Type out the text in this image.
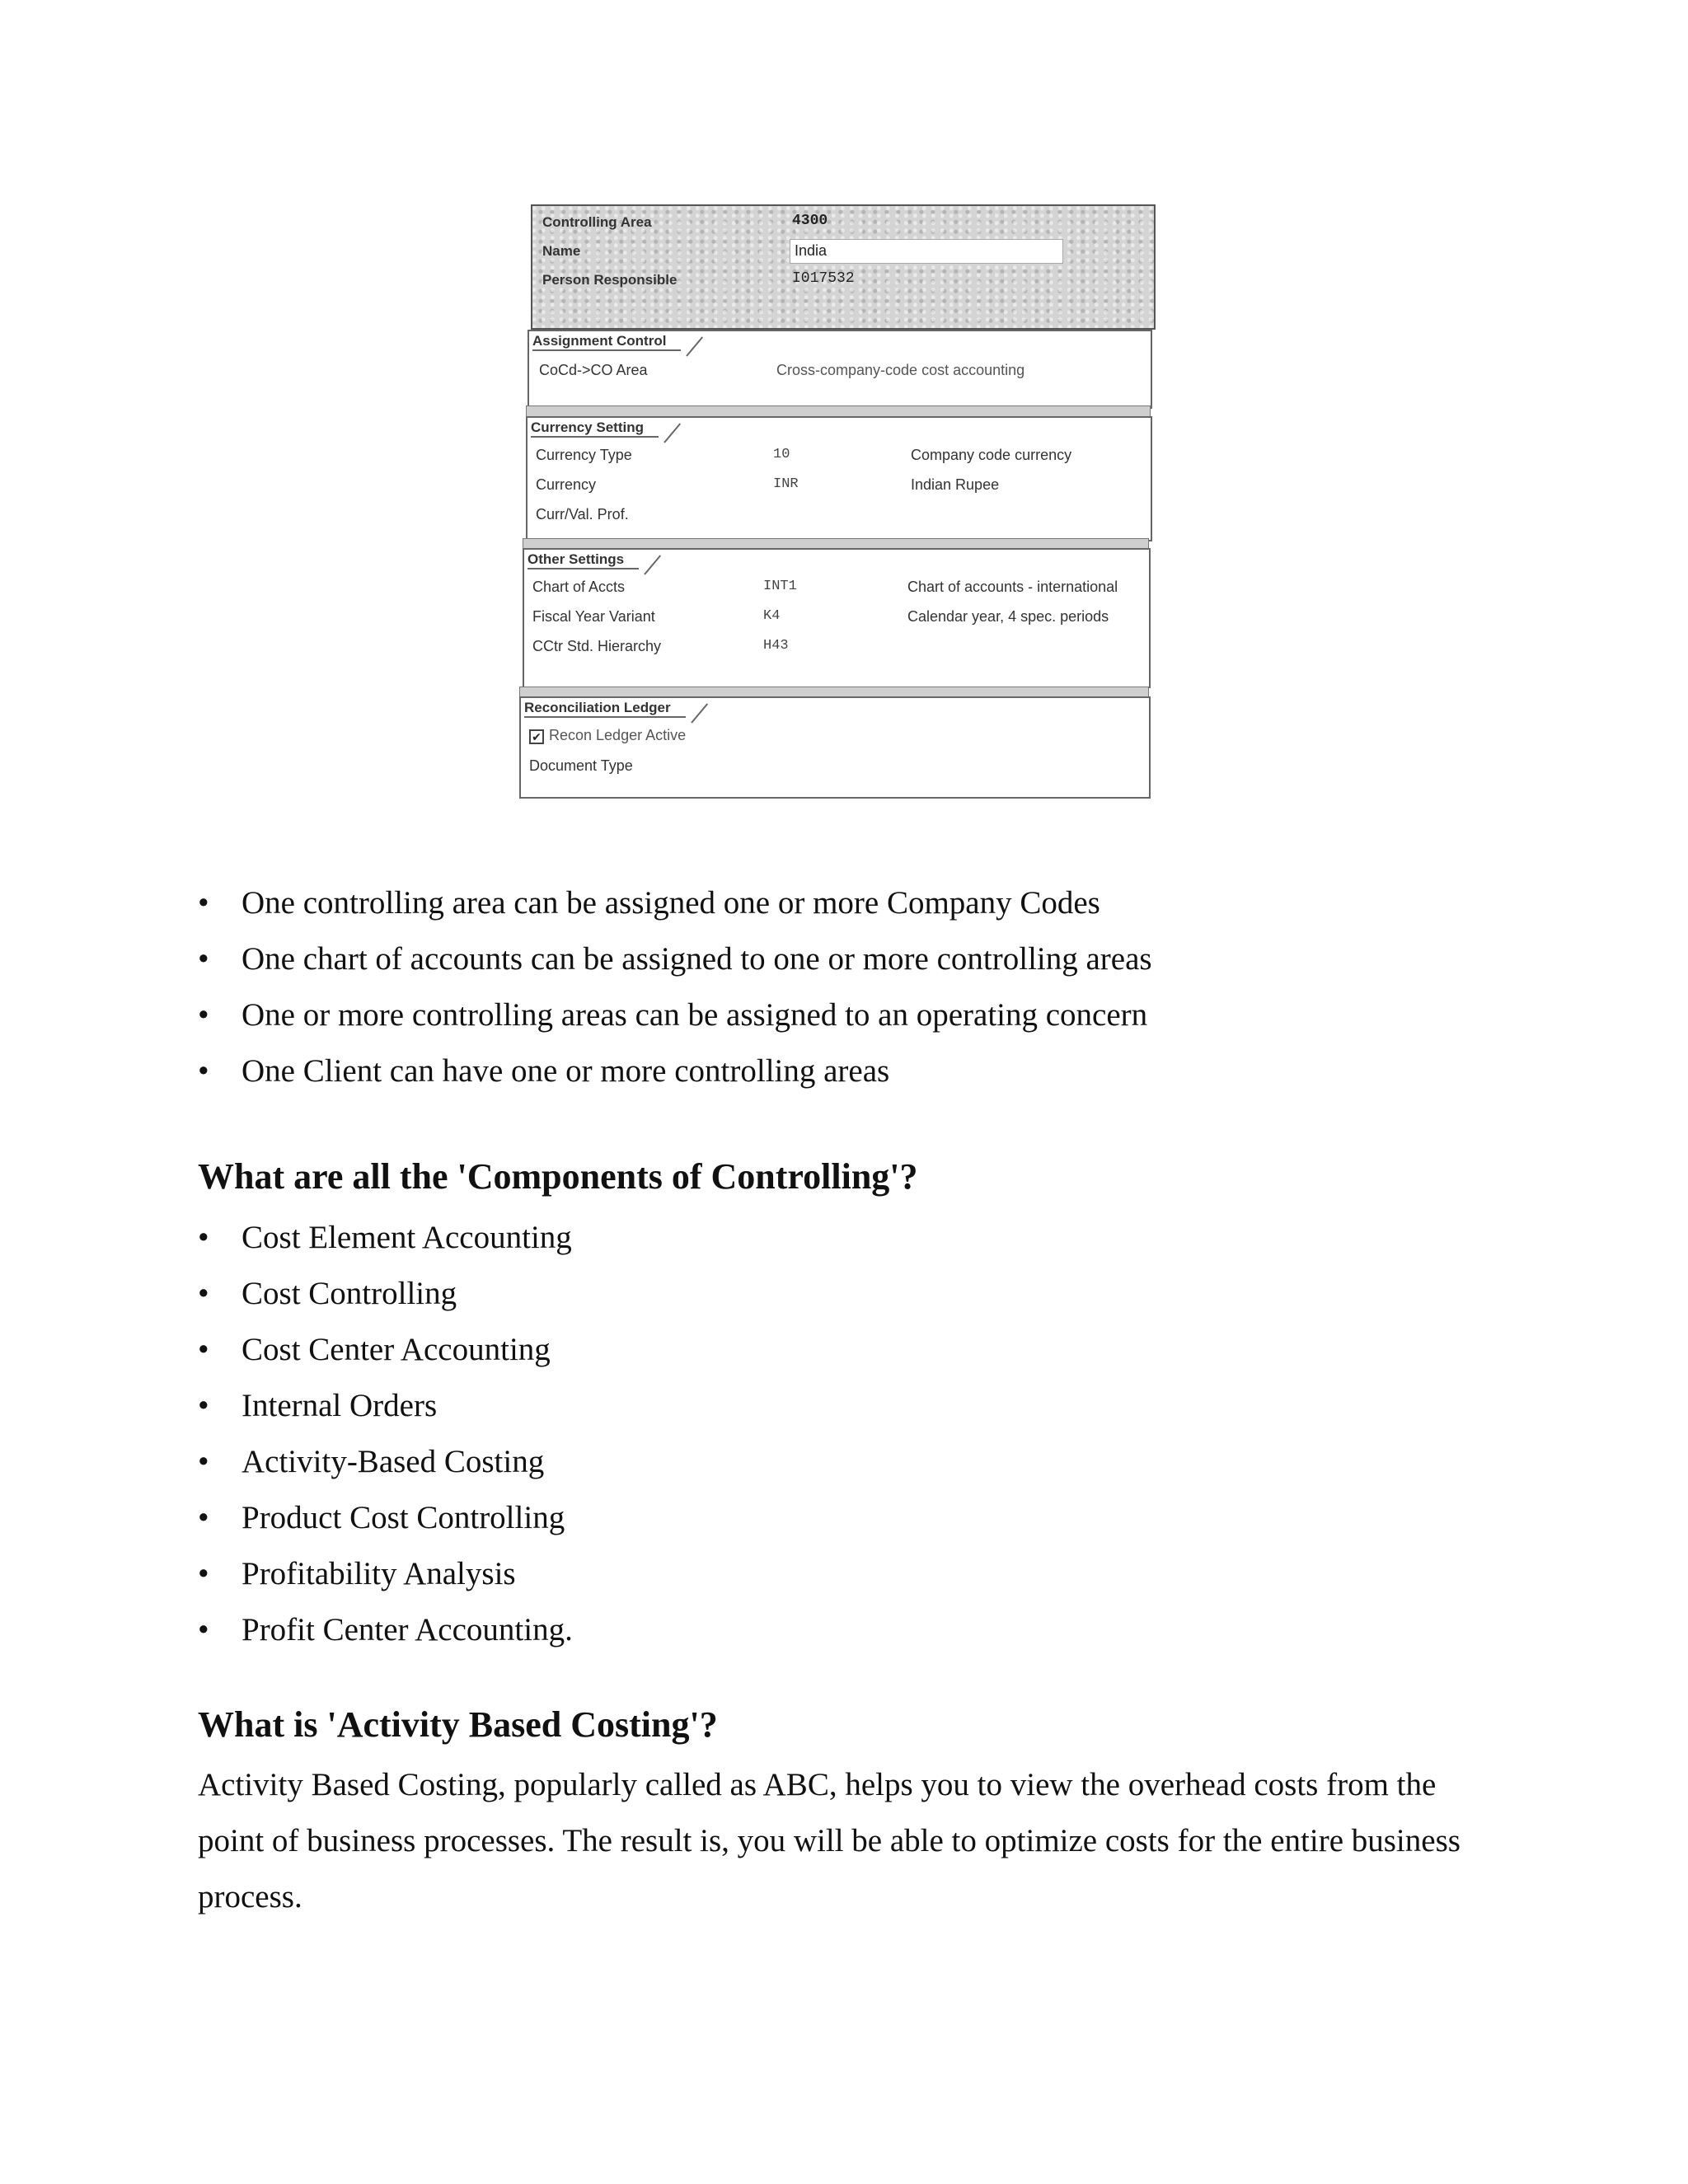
Controlling Area	4300
Name	India
Person Responsible	I017532
Assignment Control
CoCd->CO Area	Cross-company-code cost accounting
Currency Setting
Currency Type	10	Company code currency
Currency	INR	Indian Rupee
Curr/Val. Prof.
Other Settings
Chart of Accts	INT1	Chart of accounts - international
Fiscal Year Variant	K4	Calendar year, 4 spec. periods
CCtr Std. Hierarchy	H43
Reconciliation Ledger
✔ Recon Ledger Active
Document Type
• One controlling area can be assigned one or more Company Codes
• One chart of accounts can be assigned to one or more controlling areas
• One or more controlling areas can be assigned to an operating concern
• One Client can have one or more controlling areas
What are all the 'Components of Controlling'?
• Cost Element Accounting
• Cost Controlling
• Cost Center Accounting
• Internal Orders
• Activity-Based Costing
• Product Cost Controlling
• Profitability Analysis
• Profit Center Accounting.
What is 'Activity Based Costing'?

Activity Based Costing, popularly called as ABC, helps you to view the overhead costs from the point of business processes. The result is, you will be able to optimize costs for the entire business process.
